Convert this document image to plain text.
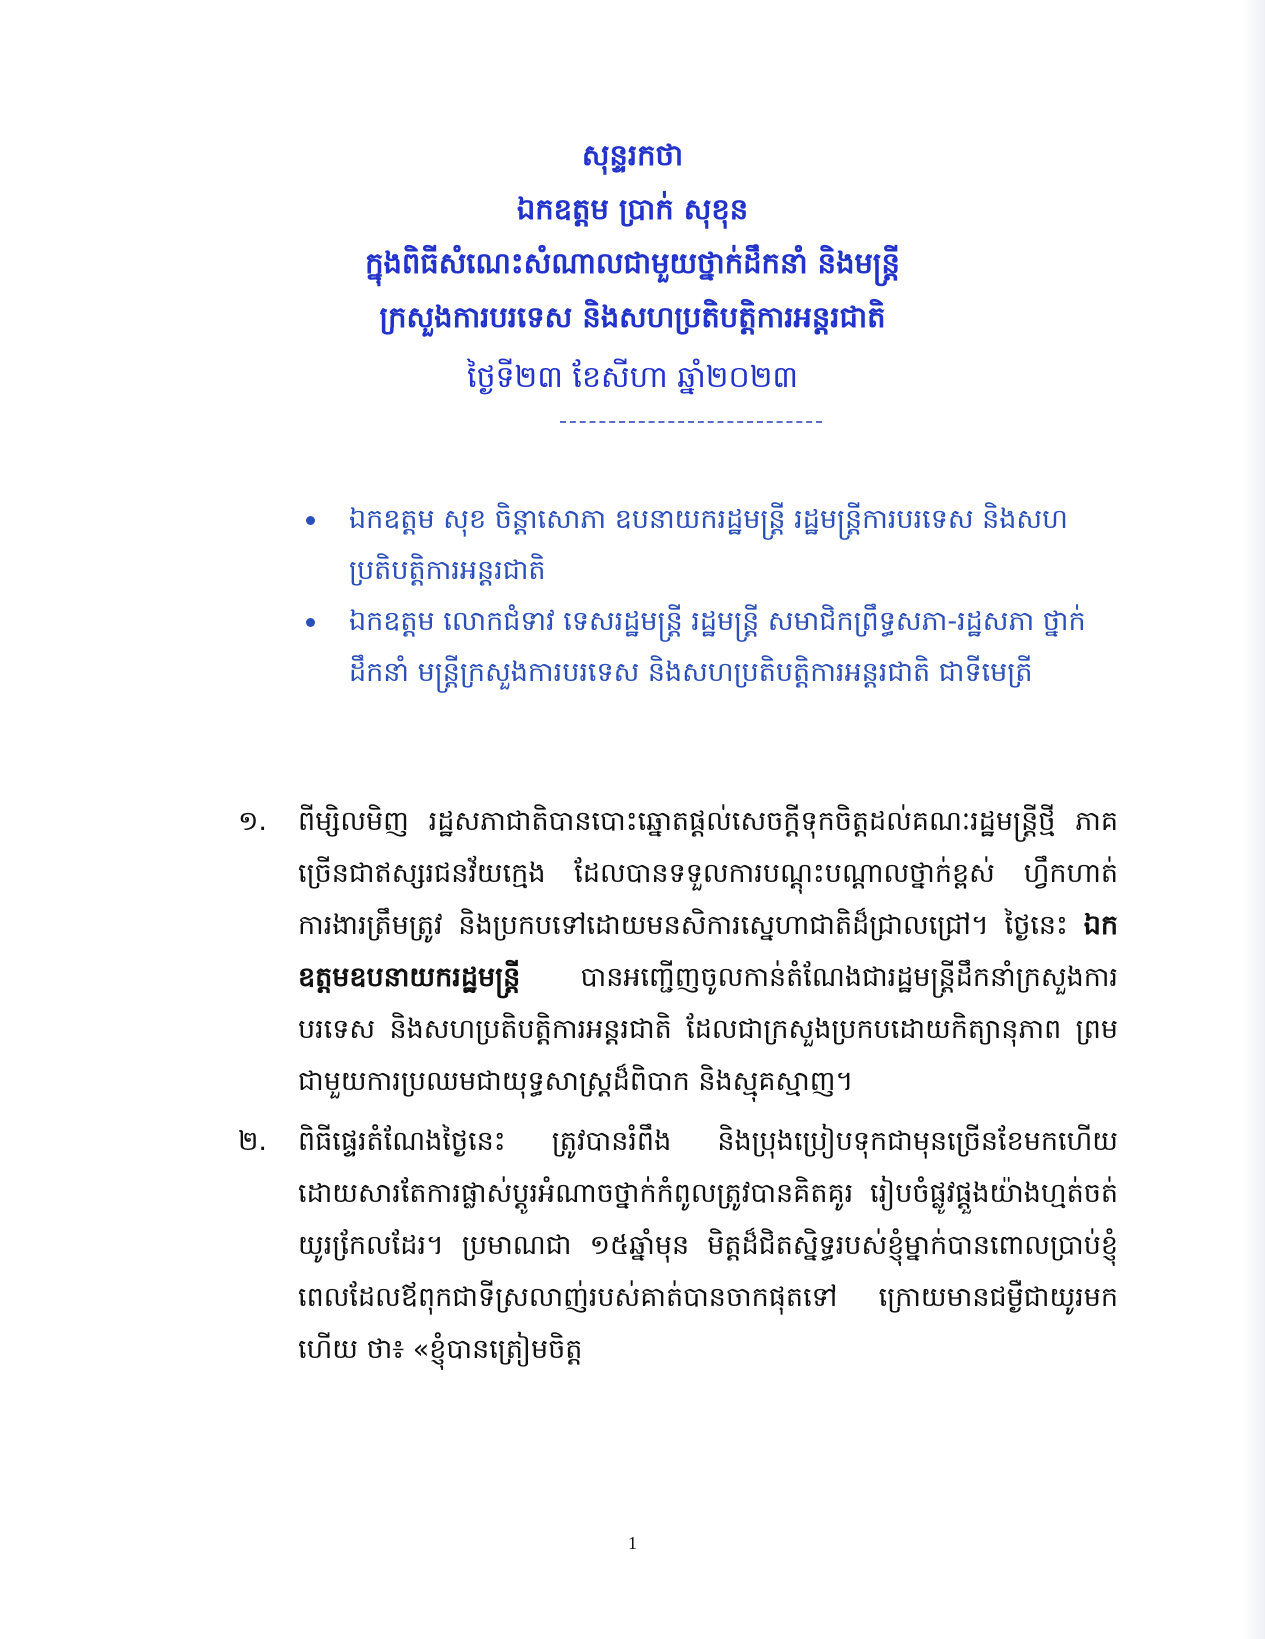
សុន្ទរកថា
ឯកឧត្តម ប្រាក់ សុខុន
ក្នុងពិធីសំណេះសំណាលជាមួយថ្នាក់ដឹកនាំ និងមន្ត្រី
ក្រសួងការបរទេស និងសហប្រតិបត្តិការអន្តរជាតិ
ថ្ងៃទី២៣ ខែសីហា ឆ្នាំ២០២៣
ឯកឧត្តម សុខ ចិន្តាសោភា ឧបនាយករដ្ឋមន្ត្រី រដ្ឋមន្ត្រីការបរទេស និងសហប្រតិបត្តិការអន្តរជាតិ
ឯកឧត្តម លោកជំទាវ ទេសរដ្ឋមន្ត្រី រដ្ឋមន្ត្រី សមាជិកព្រឹទ្ធសភា-រដ្ឋសភា ថ្នាក់ដឹកនាំ មន្ត្រីក្រសួងការបរទេស និងសហប្រតិបត្តិការអន្តរជាតិ ជាទីមេត្រី
១. ពីម្សិលមិញ រដ្ឋសភាជាតិបានបោះឆ្នោតផ្តល់សេចក្តីទុកចិត្តដល់គណៈរដ្ឋមន្ត្រីថ្មី ភាគច្រើនជាឥស្សរជនវ័យក្មេង ដែលបានទទួលការបណ្តុះបណ្តាលថ្នាក់ខ្ពស់ ហ្វឹកហាត់ការងារត្រឹមត្រូវ និងប្រកបទៅដោយមនសិការស្នេហាជាតិដ៏ជ្រាលជ្រៅ។ ថ្ងៃនេះ ឯកឧត្តមឧបនាយករដ្ឋមន្ត្រី បានអញ្ជើញចូលកាន់តំណែងជារដ្ឋមន្ត្រីដឹកនាំក្រសួងការបរទេស និងសហប្រតិបត្តិការអន្តរជាតិ ដែលជាក្រសួងប្រកបដោយកិត្យានុភាព ព្រមជាមួយការប្រឈមជាយុទ្ធសាស្ត្រដ៏ពិបាក និងស្មុគស្មាញ។
២. ពិធីផ្ទេរតំណែងថ្ងៃនេះ ត្រូវបានរំពឹង និងប្រុងប្រៀបទុកជាមុនច្រើនខែមកហើយ ដោយសារតែការផ្លាស់ប្តូរអំណាចថ្នាក់កំពូលត្រូវបានគិតគូរ រៀបចំផ្លូវផ្តួងយ៉ាងហ្មត់ចត់យូរកែ្រលដែរ។ ប្រមាណជា ១៥ឆ្នាំមុន មិត្តដ៏ជិតស្និទ្ធរបស់ខ្ញុំម្នាក់បានពោលប្រាប់ខ្ញុំ ពេលដែលឪពុកជាទីស្រលាញ់របស់គាត់បានចាកផុតទៅ ក្រោយមានជម្ងឺជាយូរមកហើយ ថា៖ «ខ្ញុំបានត្រៀមចិត្ត
1
